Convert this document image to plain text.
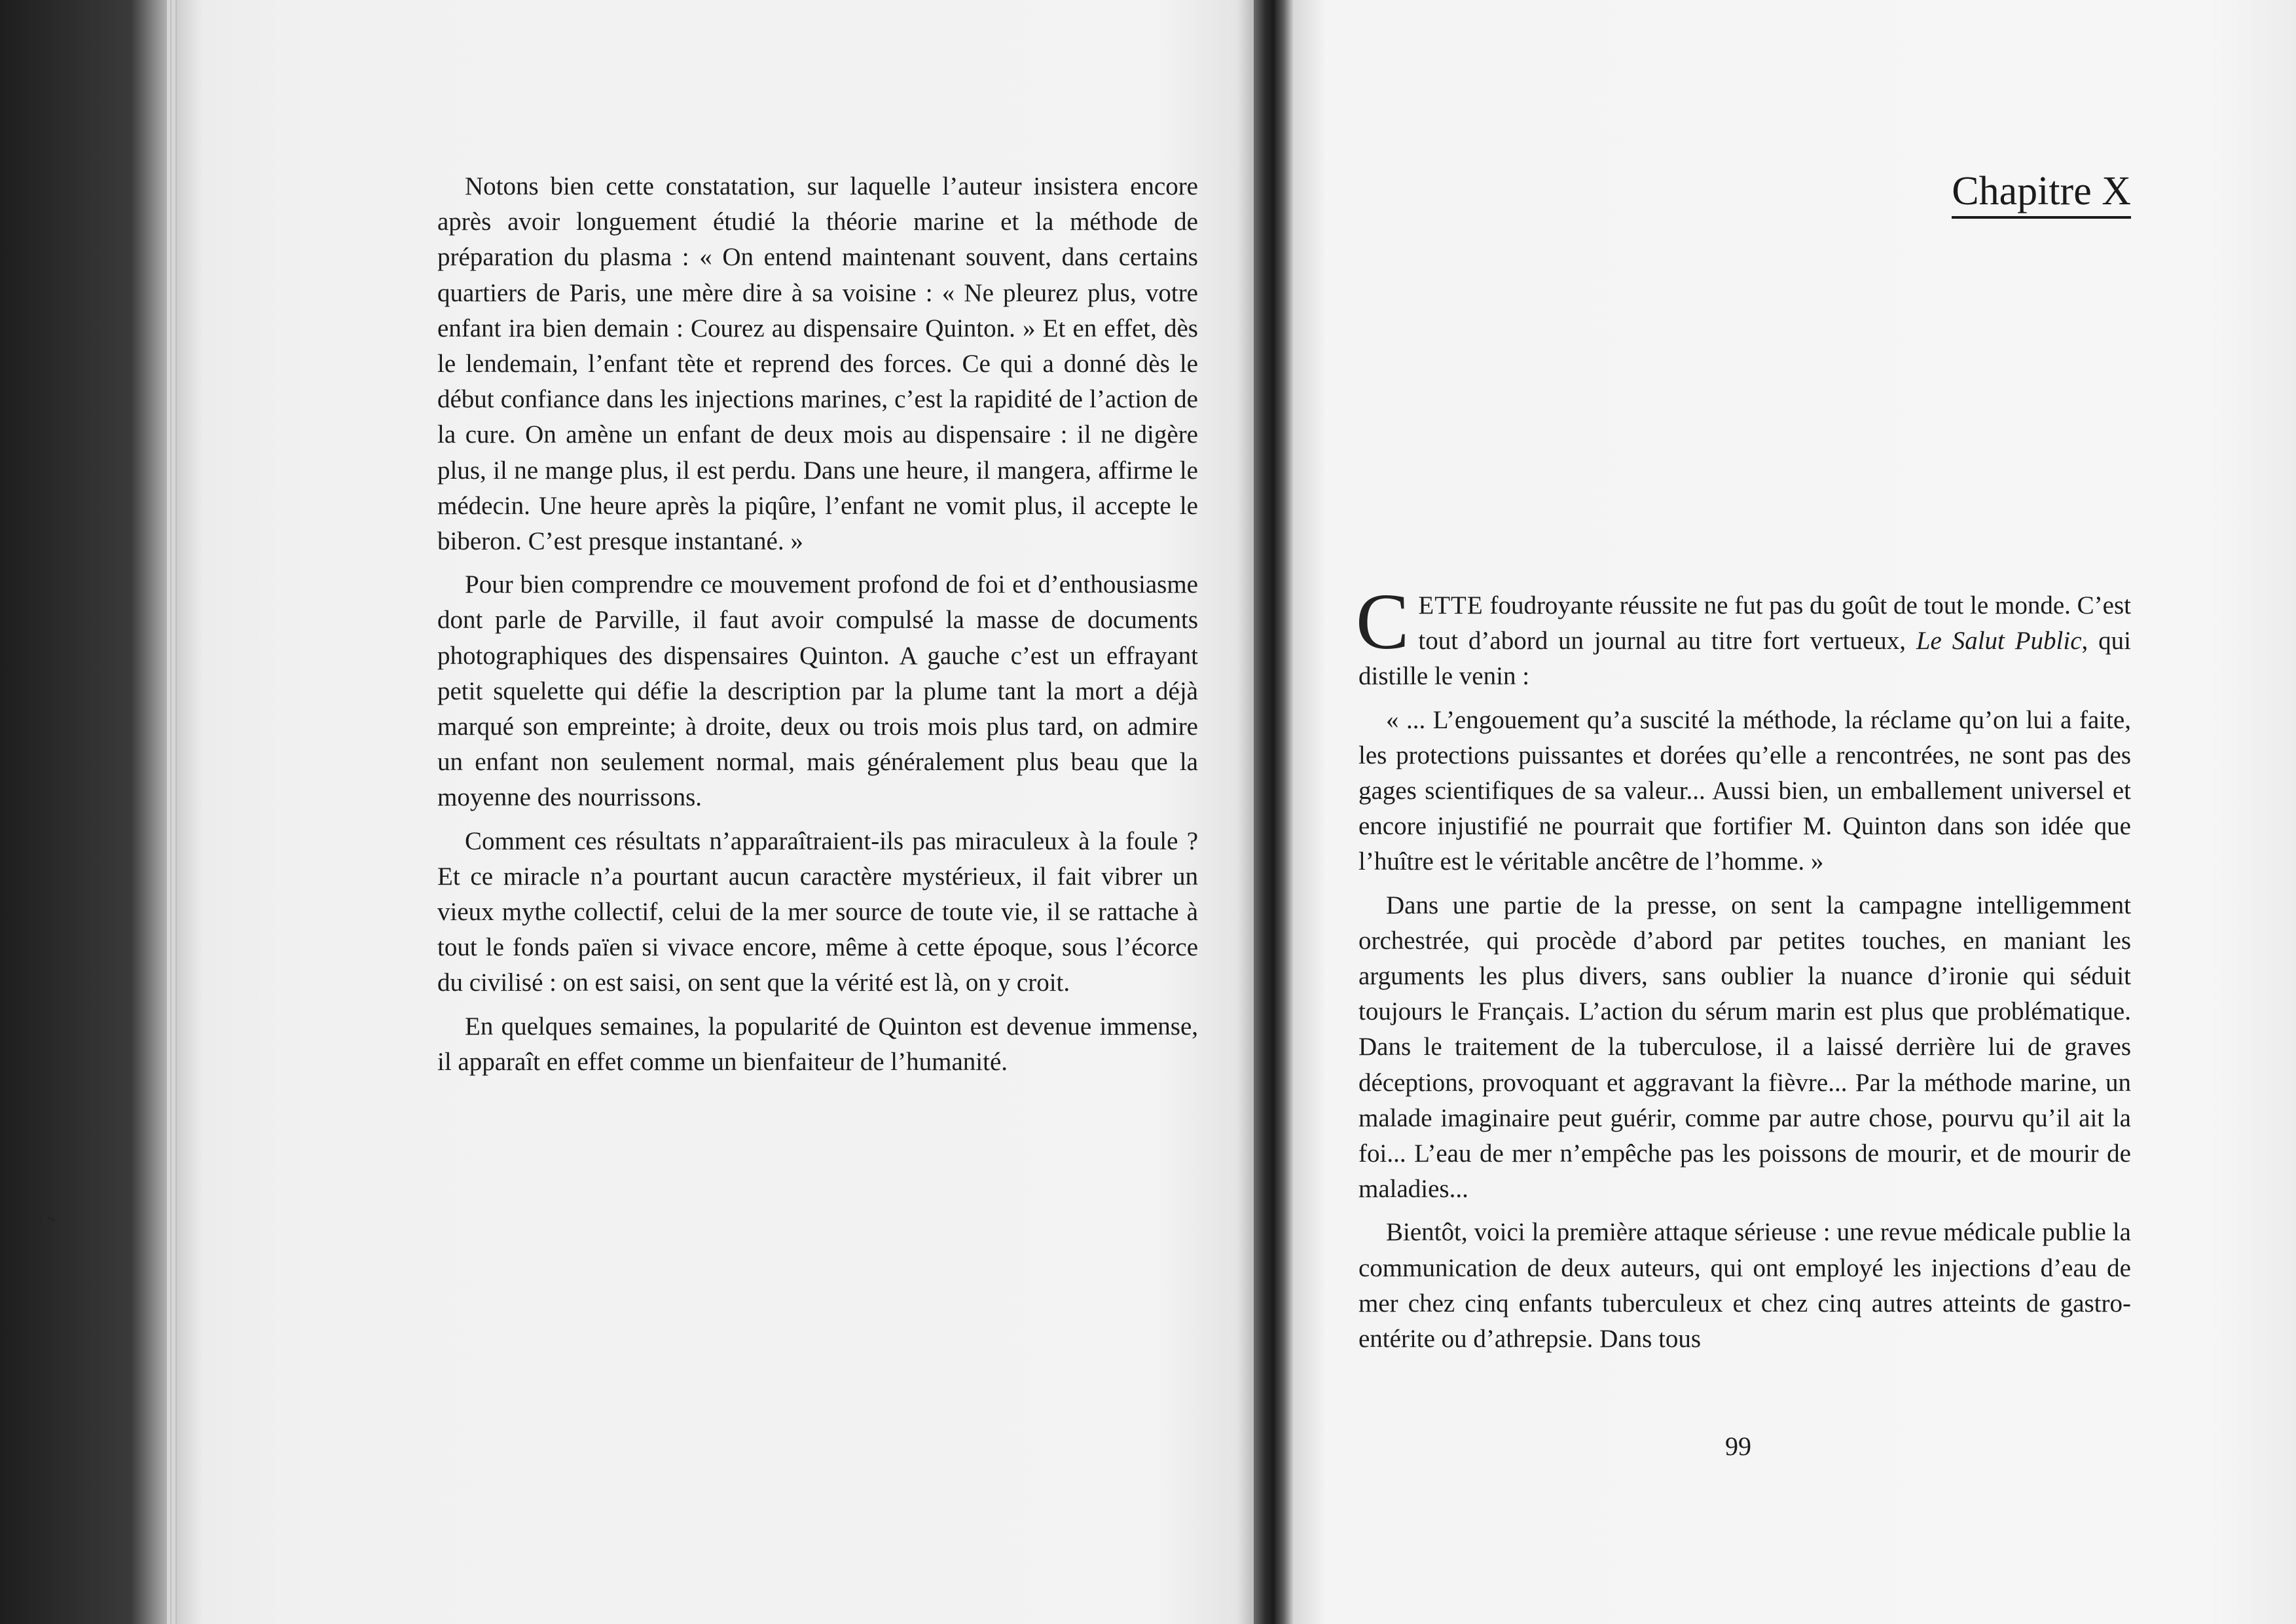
Notons bien cette constatation, sur laquelle l’auteur insistera encore après avoir longuement étudié la théorie marine et la méthode de préparation du plasma : « On entend maintenant souvent, dans certains quartiers de Paris, une mère dire à sa voisine : « Ne pleurez plus, votre enfant ira bien demain : Courez au dispensaire Quinton. » Et en effet, dès le lendemain, l’enfant tète et reprend des forces. Ce qui a donné dès le début confiance dans les injections marines, c’est la rapidité de l’action de la cure. On amène un enfant de deux mois au dispensaire : il ne digère plus, il ne mange plus, il est perdu. Dans une heure, il mangera, affirme le médecin. Une heure après la piqûre, l’enfant ne vomit plus, il accepte le biberon. C’est presque instantané. »

Pour bien comprendre ce mouvement profond de foi et d’enthousiasme dont parle de Parville, il faut avoir compulsé la masse de documents photographiques des dispensaires Quinton. A gauche c’est un effrayant petit squelette qui défie la description par la plume tant la mort a déjà marqué son empreinte; à droite, deux ou trois mois plus tard, on admire un enfant non seulement normal, mais généralement plus beau que la moyenne des nourrissons.

Comment ces résultats n’apparaîtraient-ils pas miraculeux à la foule ? Et ce miracle n’a pourtant aucun caractère mystérieux, il fait vibrer un vieux mythe collectif, celui de la mer source de toute vie, il se rattache à tout le fonds païen si vivace encore, même à cette époque, sous l’écorce du civilisé : on est saisi, on sent que la vérité est là, on y croit.

En quelques semaines, la popularité de Quinton est devenue immense, il apparaît en effet comme un bienfaiteur de l’humanité.

Chapitre X

CETTE foudroyante réussite ne fut pas du goût de tout le monde. C’est tout d’abord un journal au titre fort vertueux, Le Salut Public, qui distille le venin :

« ... L’engouement qu’a suscité la méthode, la réclame qu’on lui a faite, les protections puissantes et dorées qu’elle a rencontrées, ne sont pas des gages scientifiques de sa valeur... Aussi bien, un emballement universel et encore injustifié ne pourrait que fortifier M. Quinton dans son idée que l’huître est le véritable ancêtre de l’homme. »

Dans une partie de la presse, on sent la campagne intelligemment orchestrée, qui procède d’abord par petites touches, en maniant les arguments les plus divers, sans oublier la nuance d’ironie qui séduit toujours le Français. L’action du sérum marin est plus que problématique. Dans le traitement de la tuberculose, il a laissé derrière lui de graves déceptions, provoquant et aggravant la fièvre... Par la méthode marine, un malade imaginaire peut guérir, comme par autre chose, pourvu qu’il ait la foi... L’eau de mer n’empêche pas les poissons de mourir, et de mourir de maladies...

Bientôt, voici la première attaque sérieuse : une revue médicale publie la communication de deux auteurs, qui ont employé les injections d’eau de mer chez cinq enfants tuberculeux et chez cinq autres atteints de gastro-entérite ou d’athrepsie. Dans tous

99
